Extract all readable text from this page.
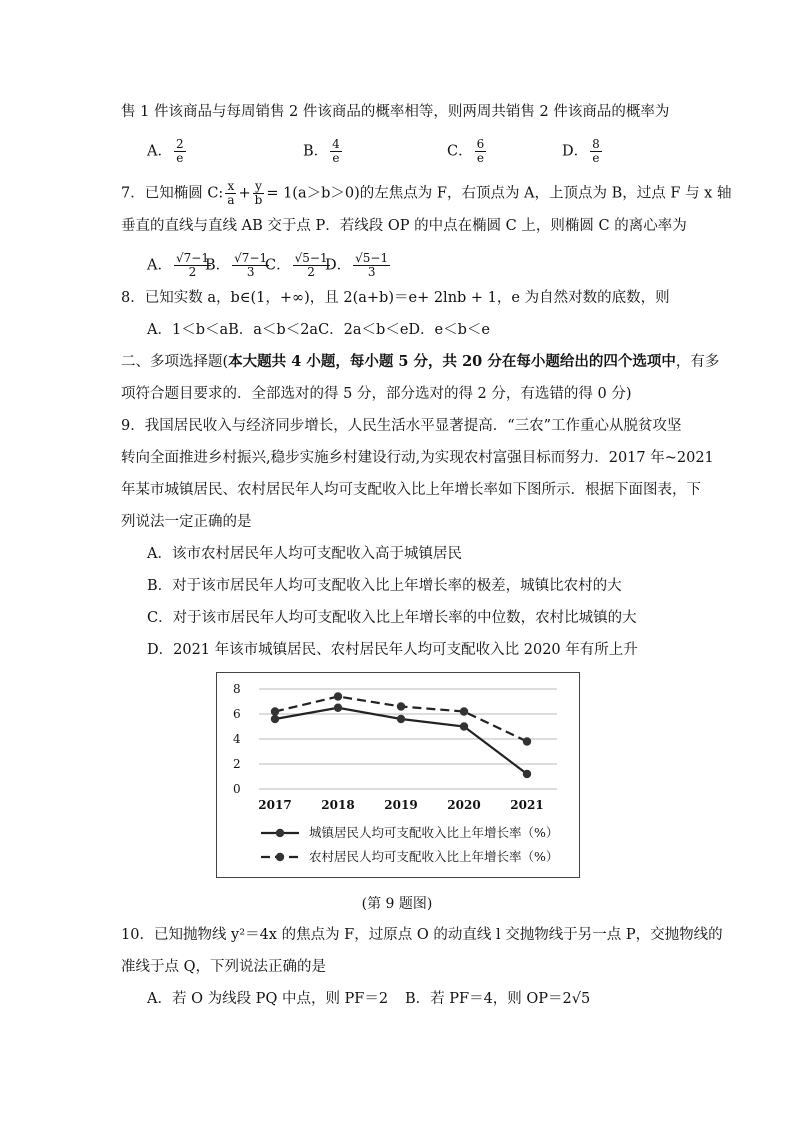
售 1 件该商品与每周销售 2 件该商品的概率相等，则两周共销售 2 件该商品的概率为
A． $\frac{2}{e}$	B． $\frac{4}{e}$	C． $\frac{6}{e}$	D． $\frac{8}{e}$
7．已知椭圆 C: $\frac{x}{a} + \frac{y}{b} = 1(a>b>0)$的左焦点为 F，右顶点为 A，上顶点为 B，过点 F 与 x 轴
垂直的直线与直线 AB 交于点 P．若线段 OP 的中点在椭圆 C 上，则椭圆 C 的离心率为
A． $\frac{√7-1}{2}$
B． $\frac{√7-1}{3}$
C． $\frac{√5-1}{2}$
D． $\frac{√5-1}{3}$
8．已知实数 a，b∈(1，+∞)，且 2(a+b)＝e+ 2lnb + 1，e 为自然对数的底数，则
A．1＜b＜aB．a＜b＜2aC．2a＜b＜eD．e＜b＜e
二、多项选择题(本大题共 4 小题，每小题 5 分，共 20 分在每小题给出的四个选项中，有多
项符合题目要求的．全部选对的得 5 分，部分选对的得 2 分，有选错的得 0 分)
9．我国居民收入与经济同步增长，人民生活水平显著提高．“三农”工作重心从脱贫攻坚
转向全面推进乡村振兴,稳步实施乡村建设行动,为实现农村富强目标而努力．2017 年~2021
年某市城镇居民、农村居民年人均可支配收入比上年增长率如下图所示．根据下面图表，下
列说法一定正确的是
A．该市农村居民年人均可支配收入高于城镇居民
B．对于该市居民年人均可支配收入比上年增长率的极差，城镇比农村的大
C．对于该市居民年人均可支配收入比上年增长率的中位数，农村比城镇的大
D．2021 年该市城镇居民、农村居民年人均可支配收入比 2020 年有所上升
0
2
4
6
8
2017 2018 2019 2020 2021
城镇居民人均可支配收入比上年增长率（%）
农村居民人均可支配收入比上年增长率（%）
(第 9 题图)
10．已知抛物线 y²＝4x 的焦点为 F，过原点 O 的动直线 l 交抛物线于另一点 P，交抛物线的
准线于点 Q，下列说法正确的是
A．若 O 为线段 PQ 中点，则 PF＝2 B．若 PF＝4，则 OP＝2√5
